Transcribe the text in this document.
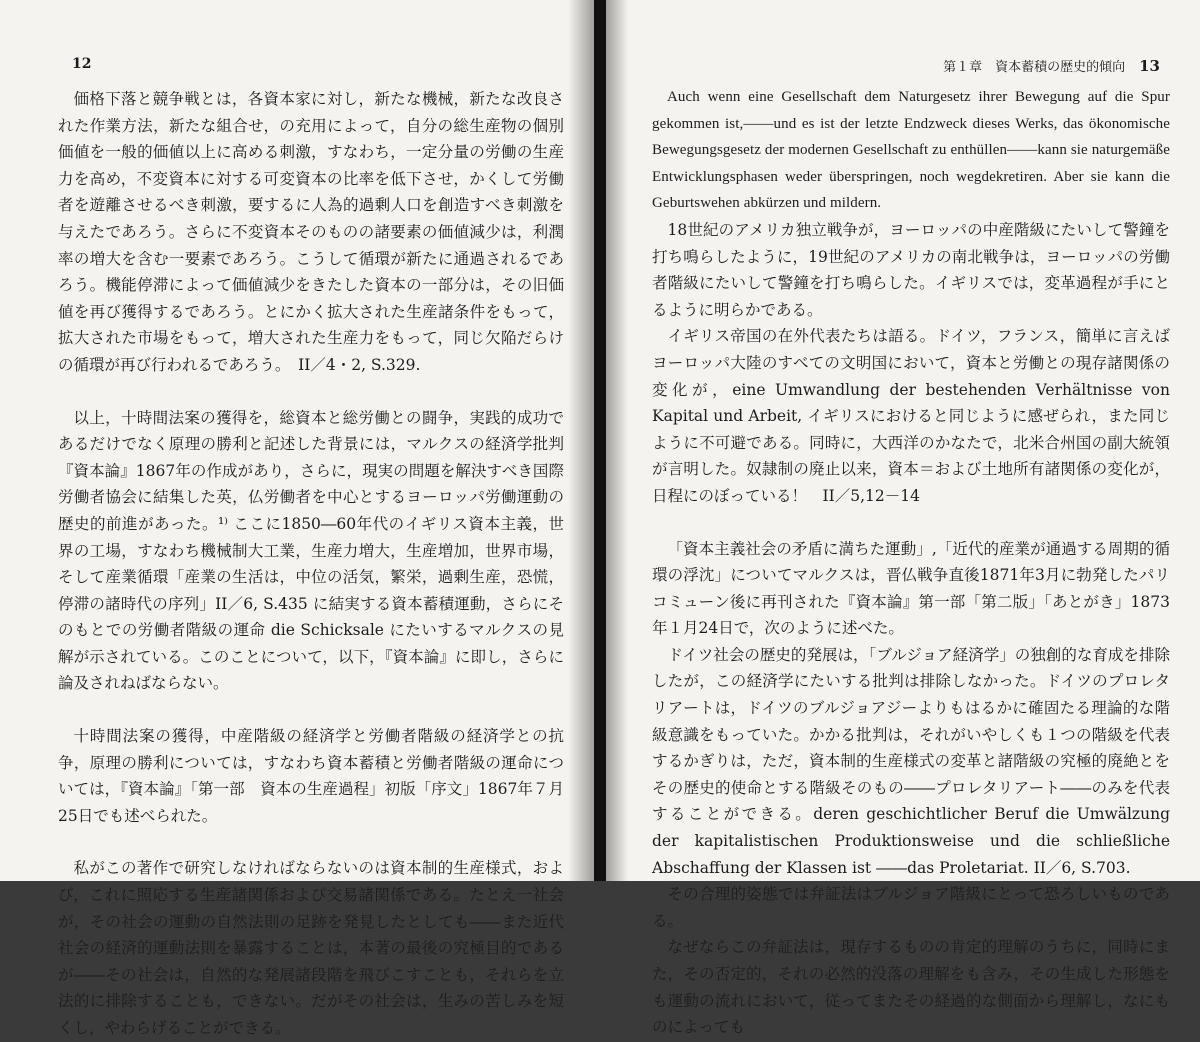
12

価格下落と競争戦とは，各資本家に対し，新たな機械，新たな改良された作業方法，新たな組合せ，の充用によって，自分の総生産物の個別価値を一般的価値以上に高める刺激，すなわち，一定分量の労働の生産力を高め，不変資本に対する可変資本の比率を低下させ，かくして労働者を遊離させるべき刺激，要するに人為的過剰人口を創造すべき刺激を与えたであろう。さらに不変資本そのものの諸要素の価値減少は，利潤率の増大を含む一要素であろう。こうして循環が新たに通過されるであろう。機能停滞によって価値減少をきたした資本の一部分は，その旧価値を再び獲得するであろう。とにかく拡大された生産諸条件をもって，拡大された市場をもって，増大された生産力をもって，同じ欠陥だらけの循環が再び行われるであろう。　II／4・2, S.329.

以上，十時間法案の獲得を，総資本と総労働との闘争，実践的成功であるだけでなく原理の勝利と記述した背景には，マルクスの経済学批判『資本論』1867年の作成があり，さらに，現実の問題を解決すべき国際労働者協会に結集した英，仏労働者を中心とするヨーロッパ労働運動の歴史的前進があった。¹⁾ ここに1850―60年代のイギリス資本主義，世界の工場，すなわち機械制大工業，生産力増大，生産増加，世界市場，そして産業循環「産業の生活は，中位の活気，繁栄，過剰生産，恐慌，停滞の諸時代の序列」II／6, S.435 に結実する資本蓄積運動，さらにそのもとでの労働者階級の運命 die Schicksale にたいするマルクスの見解が示されている。このことについて，以下，『資本論』に即し，さらに論及されねばならない。

十時間法案の獲得，中産階級の経済学と労働者階級の経済学との抗争，原理の勝利については，すなわち資本蓄積と労働者階級の運命については，『資本論』「第一部　資本の生産過程」初版「序文」1867年７月25日でも述べられた。

私がこの著作で研究しなければならないのは資本制的生産様式，および，これに照応する生産諸関係および交易諸関係である。たとえ一社会が，その社会の運動の自然法則の足跡を発見したとしても――また近代社会の経済的運動法則を暴露することは，本著の最後の究極目的であるが――その社会は，自然的な発展諸段階を飛びこすことも，それらを立法的に排除することも，できない。だがその社会は，生みの苦しみを短くし，やわらげることができる。

第１章　資本蓄積の歴史的傾向 13

Auch wenn eine Gesellschaft dem Naturgesetz ihrer Bewegung auf die Spur gekommen ist,――und es ist der letzte Endzweck dieses Werks, das ökonomische Bewegungsgesetz der modernen Gesellschaft zu enthüllen――kann sie naturgemäße Entwicklungsphasen weder überspringen, noch wegdekretiren. Aber sie kann die Geburtswehen abkürzen und mildern.

18世紀のアメリカ独立戦争が，ヨーロッパの中産階級にたいして警鐘を打ち鳴らしたように，19世紀のアメリカの南北戦争は，ヨーロッパの労働者階級にたいして警鐘を打ち鳴らした。イギリスでは，変革過程が手にとるように明らかである。

イギリス帝国の在外代表たちは語る。ドイツ，フランス，簡単に言えばヨーロッパ大陸のすべての文明国において，資本と労働との現存諸関係の変化が，eine Umwandlung der bestehenden Verhältnisse von Kapital und Arbeit, イギリスにおけると同じように感ぜられ，また同じように不可避である。同時に，大西洋のかなたで，北米合州国の副大統領が言明した。奴隷制の廃止以来，資本＝および土地所有諸関係の変化が，日程にのぼっている！　II／5,12－14

「資本主義社会の矛盾に満ちた運動」,「近代的産業が通過する周期的循環の浮沈」についてマルクスは，晋仏戦争直後1871年3月に勃発したパリコミューン後に再刊された『資本論』第一部「第二版」「あとがき」1873年１月24日で，次のように述べた。

ドイツ社会の歴史的発展は，「ブルジョア経済学」の独創的な育成を排除したが，この経済学にたいする批判は排除しなかった。ドイツのプロレタリアートは，ドイツのブルジョアジーよりもはるかに確固たる理論的な階級意識をもっていた。かかる批判は，それがいやしくも１つの階級を代表するかぎりは，ただ，資本制的生産様式の変革と諸階級の究極的廃絶とをその歴史的使命とする階級そのもの――プロレタリアート――のみを代表することができる。deren geschichtlicher Beruf die Umwälzung der kapitalistischen Produktionsweise und die schließliche Abschaffung der Klassen ist ――das Proletariat. II／6, S.703.

その合理的姿態では弁証法はブルジョア階級にとって恐ろしいものである。

なぜならこの弁証法は，現存するものの肯定的理解のうちに，同時にまた，その否定的，それの必然的没落の理解をも含み，その生成した形態をも運動の流れにおいて，従ってまたその経過的な側面から理解し，なにものによっても
